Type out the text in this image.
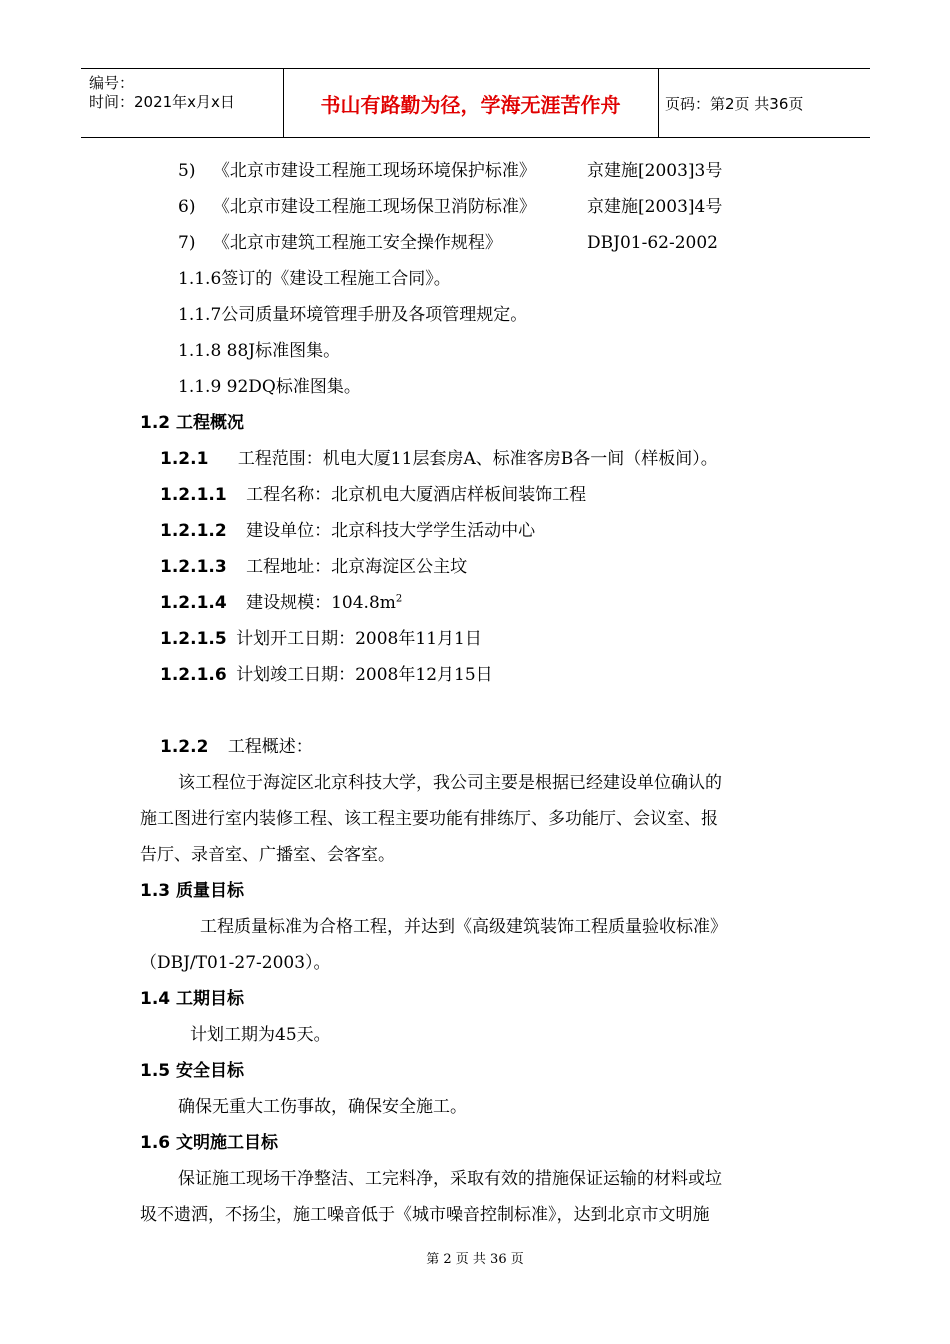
编号：
时间：2021年x月x日	书山有路勤为径，学海无涯苦作舟	页码：第2页 共36页
5) 《北京市建设工程施工现场环境保护标准》	京建施[2003]3号
6) 《北京市建设工程施工现场保卫消防标准》	京建施[2003]4号
7) 《北京市建筑工程施工安全操作规程》	DBJ01-62-2002
1.1.6签订的《建设工程施工合同》。
1.1.7公司质量环境管理手册及各项管理规定。
1.1.8 88J标准图集。
1.1.9 92DQ标准图集。
1.2 工程概况
1.2.1 工程范围：机电大厦11层套房A、标准客房B各一间（样板间）。
1.2.1.1 工程名称：北京机电大厦酒店样板间装饰工程
1.2.1.2 建设单位：北京科技大学学生活动中心
1.2.1.3 工程地址：北京海淀区公主坟
1.2.1.4 建设规模：$104.8m^2$
1.2.1.5 计划开工日期：2008年11月1日
1.2.1.6 计划竣工日期：2008年12月15日
1.2.2 工程概述：
该工程位于海淀区北京科技大学，我公司主要是根据已经建设单位确认的
施工图进行室内装修工程、该工程主要功能有排练厅、多功能厅、会议室、报
告厅、录音室、广播室、会客室。
1.3 质量目标
工程质量标准为合格工程，并达到《高级建筑装饰工程质量验收标准》
（DBJ/T01-27-2003）。
1.4 工期目标
计划工期为45天。
1.5 安全目标
确保无重大工伤事故，确保安全施工。
1.6 文明施工目标
保证施工现场干净整洁、工完料净，采取有效的措施保证运输的材料或垃
圾不遗洒，不扬尘，施工噪音低于《城市噪音控制标准》，达到北京市文明施
第 2 页 共 36 页
